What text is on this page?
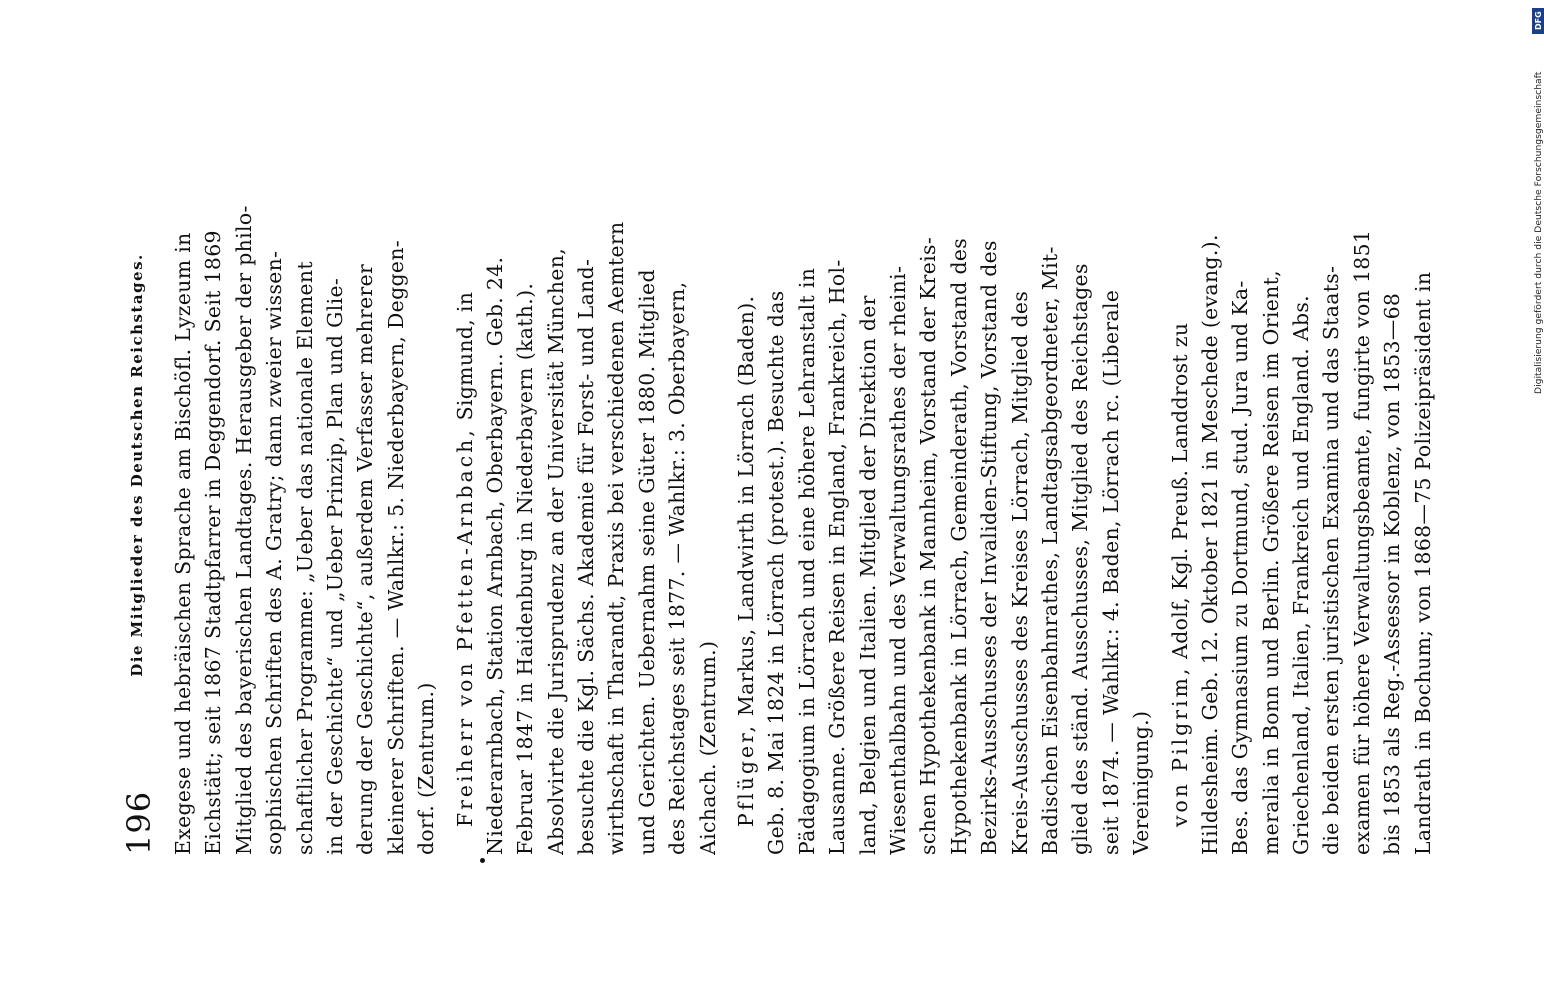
196
Die Mitglieder des Deutschen Reichstages. Exegese und hebräischen Sprache am Bischöfl. Lyzeum in Eichstätt; seit 1867 Stadtpfarrer in Deggendorf. Seit 1869 Mitglied des bayerischen Landtages. Herausgeber der philo- sophischen Schriften des A. Gratry; dann zweier wissen- schaftlicher Programme: „Ueber das nationale Element in der Geschichte“ und „Ueber Prinzip, Plan und Glie- derung der Geschichte“, außerdem Verfasser mehrerer kleinerer Schriften. — Wahlkr.: 5. Niederbayern, Deggen- dorf. (Zentrum.) Freiherr von Pfetten-Arnbach, Sigmund, in Niederarnbach, Station Arnbach, Oberbayern.. Geb. 24. Februar 1847 in Haidenburg in Niederbayern (kath.). Absolvirte die Jurisprudenz an der Universität München, besuchte die Kgl. Sächs. Akademie für Forst- und Land- wirthschaft in Tharandt, Praxis bei verschiedenen Aemtern und Gerichten. Uebernahm seine Güter 1880. Mitglied des Reichstages seit 1877. — Wahlkr.: 3. Oberbayern, Aichach. (Zentrum.) Pflüger, Markus, Landwirth in Lörrach (Baden). Geb. 8. Mai 1824 in Lörrach (protest.). Besuchte das Pädagogium in Lörrach und eine höhere Lehranstalt in Lausanne. Größere Reisen in England, Frankreich, Hol- land, Belgien und Italien. Mitglied der Direktion der Wiesenthalbahn und des Verwaltungsrathes der rheini- schen Hypothekenbank in Mannheim, Vorstand der Kreis- Hypothekenbank in Lörrach, Gemeinderath, Vorstand des Bezirks-Ausschusses der Invaliden-Stiftung, Vorstand des Kreis-Ausschusses des Kreises Lörrach, Mitglied des Badischen Eisenbahnrathes, Landtagsabgeordneter, Mit- glied des ständ. Ausschusses, Mitglied des Reichstages seit 1874. — Wahlkr.: 4. Baden, Lörrach rc. (Liberale Vereinigung.) von Pilgrim, Adolf, Kgl. Preuß. Landdrost zu Hildesheim. Geb. 12. Oktober 1821 in Meschede (evang.). Bes. das Gymnasium zu Dortmund, stud. Jura und Ka- meralia in Bonn und Berlin. Größere Reisen im Orient, Griechenland, Italien, Frankreich und England. Abs. die beiden ersten juristischen Examina und das Staats- examen für höhere Verwaltungsbeamte, fungirte von 1851 bis 1853 als Reg.-Assessor in Koblenz, von 1853—68 Landrath in Bochum; von 1868—75 Polizeipräsident in
DFG
Digitalisierung gefördert durch die Deutsche Forschungsgemeinschaft
